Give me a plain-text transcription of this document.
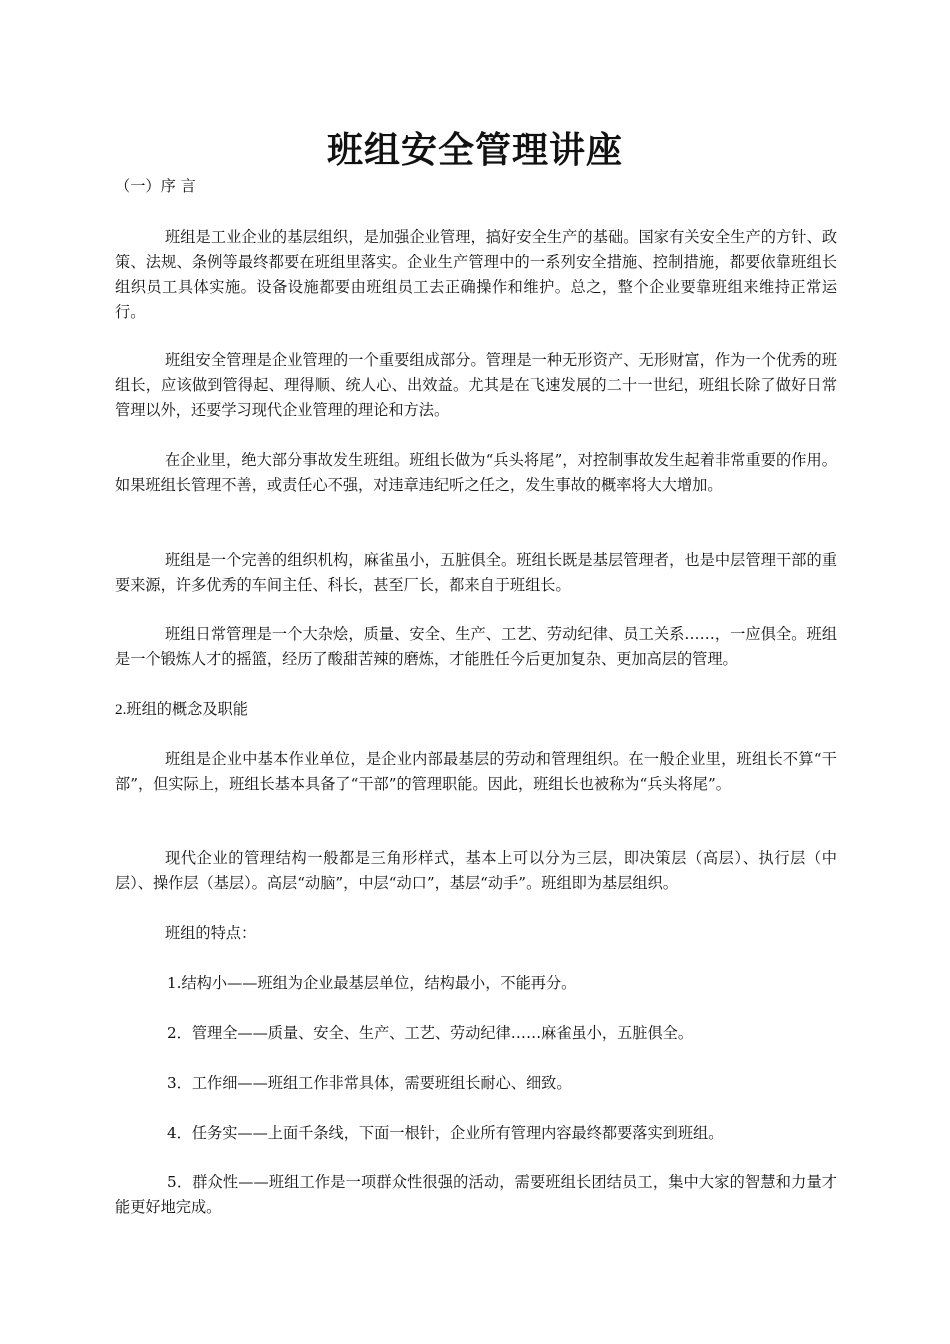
班组安全管理讲座

（一）序 言

班组是工业企业的基层组织，是加强企业管理，搞好安全生产的基础。国家有关安全生产的方针、政策、法规、条例等最终都要在班组里落实。企业生产管理中的一系列安全措施、控制措施，都要依靠班组长组织员工具体实施。设备设施都要由班组员工去正确操作和维护。总之，整个企业要靠班组来维持正常运行。

班组安全管理是企业管理的一个重要组成部分。管理是一种无形资产、无形财富，作为一个优秀的班组长，应该做到管得起、理得顺、统人心、出效益。尤其是在飞速发展的二十一世纪，班组长除了做好日常管理以外，还要学习现代企业管理的理论和方法。

在企业里，绝大部分事故发生班组。班组长做为“兵头将尾”，对控制事故发生起着非常重要的作用。如果班组长管理不善，或责任心不强，对违章违纪听之任之，发生事故的概率将大大增加。

班组是一个完善的组织机构，麻雀虽小，五脏俱全。班组长既是基层管理者，也是中层管理干部的重要来源，许多优秀的车间主任、科长，甚至厂长，都来自于班组长。

班组日常管理是一个大杂烩，质量、安全、生产、工艺、劳动纪律、员工关系……，一应俱全。班组是一个锻炼人才的摇篮，经历了酸甜苦辣的磨炼，才能胜任今后更加复杂、更加高层的管理。

2.班组的概念及职能

班组是企业中基本作业单位，是企业内部最基层的劳动和管理组织。在一般企业里，班组长不算“干部”，但实际上，班组长基本具备了“干部”的管理职能。因此，班组长也被称为“兵头将尾”。

现代企业的管理结构一般都是三角形样式，基本上可以分为三层，即决策层（高层）、执行层（中层）、操作层（基层）。高层“动脑”，中层“动口”，基层“动手”。班组即为基层组织。

班组的特点：

1.结构小——班组为企业最基层单位，结构最小，不能再分。

2．管理全——质量、安全、生产、工艺、劳动纪律……麻雀虽小，五脏俱全。

3．工作细——班组工作非常具体，需要班组长耐心、细致。

4．任务实——上面千条线，下面一根针，企业所有管理内容最终都要落实到班组。

5．群众性——班组工作是一项群众性很强的活动，需要班组长团结员工，集中大家的智慧和力量才能更好地完成。
